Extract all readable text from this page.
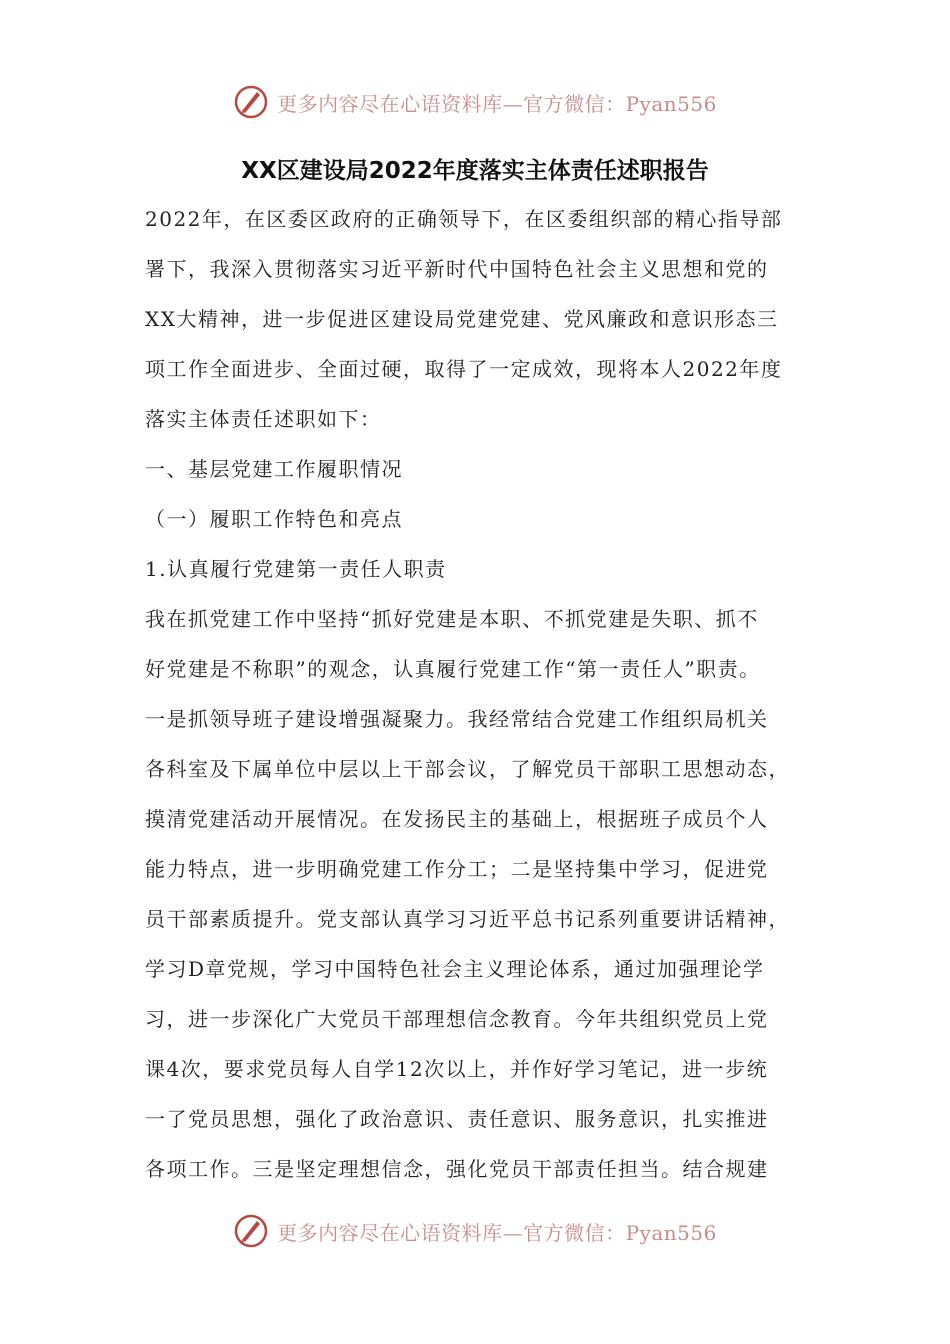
更多内容尽在心语资料库—官方微信：Pyan556
XX区建设局2022年度落实主体责任述职报告
2022年，在区委区政府的正确领导下，在区委组织部的精心指导部
署下，我深入贯彻落实习近平新时代中国特色社会主义思想和党的
XX大精神，进一步促进区建设局党建党建、党风廉政和意识形态三
项工作全面进步、全面过硬，取得了一定成效，现将本人2022年度
落实主体责任述职如下：
一、基层党建工作履职情况
（一）履职工作特色和亮点
1.认真履行党建第一责任人职责
我在抓党建工作中坚持“抓好党建是本职、不抓党建是失职、抓不
好党建是不称职”的观念，认真履行党建工作“第一责任人”职责。
一是抓领导班子建设增强凝聚力。我经常结合党建工作组织局机关
各科室及下属单位中层以上干部会议，了解党员干部职工思想动态，
摸清党建活动开展情况。在发扬民主的基础上，根据班子成员个人
能力特点，进一步明确党建工作分工；二是坚持集中学习，促进党
员干部素质提升。党支部认真学习习近平总书记系列重要讲话精神，
学习D章党规，学习中国特色社会主义理论体系，通过加强理论学
习，进一步深化广大党员干部理想信念教育。今年共组织党员上党
课4次，要求党员每人自学12次以上，并作好学习笔记，进一步统
一了党员思想，强化了政治意识、责任意识、服务意识，扎实推进
各项工作。三是坚定理想信念，强化党员干部责任担当。结合规建
更多内容尽在心语资料库—官方微信：Pyan556
